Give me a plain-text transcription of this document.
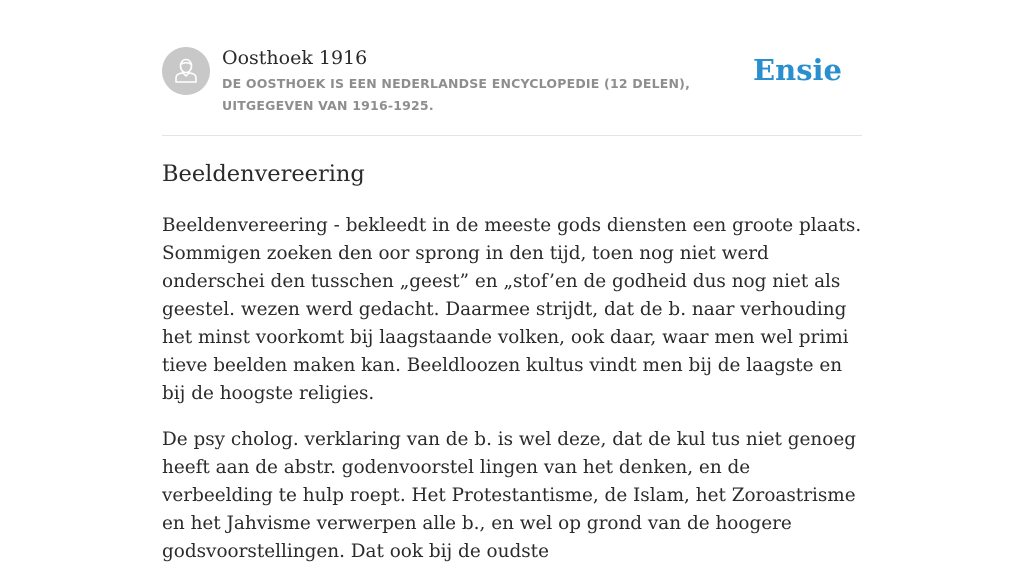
Oosthoek 1916
DE OOSTHOEK IS EEN NEDERLANDSE ENCYCLOPEDIE (12 DELEN), UITGEGEVEN VAN 1916-1925.
Ensie
Beeldenvereering

Beeldenvereering - bekleedt in de meeste gods diensten een groote plaats. Sommigen zoeken den oor sprong in den tijd, toen nog niet werd onderschei den tusschen „geest” en „stof’en de godheid dus nog niet als geestel. wezen werd gedacht. Daarmee strijdt, dat de b. naar verhouding het minst voorkomt bij laagstaande volken, ook daar, waar men wel primi tieve beelden maken kan. Beeldloozen kultus vindt men bij de laagste en bij de hoogste religies.

De psy cholog. verklaring van de b. is wel deze, dat de kul tus niet genoeg heeft aan de abstr. godenvoorstel lingen van het denken, en de verbeelding te hulp roept. Het Protestantisme, de Islam, het Zoroastrisme en het Jahvisme verwerpen alle b., en wel op grond van de hoogere godsvoorstellingen. Dat ook bij de oudste
